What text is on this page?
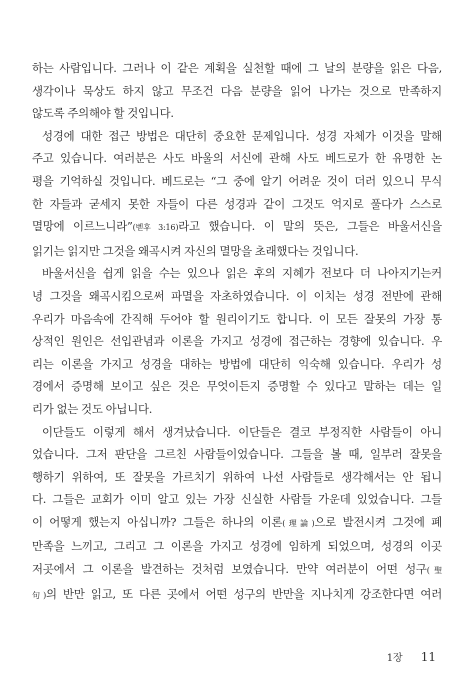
하는 사람입니다. 그러나 이 같은 계획을 실천할 때에 그 날의 분량을 읽은 다음,
생각이나 묵상도 하지 않고 무조건 다음 분량을 읽어 나가는 것으로 만족하지
않도록 주의해야 할 것입니다.
성경에 대한 접근 방법은 대단히 중요한 문제입니다. 성경 자체가 이것을 말해
주고 있습니다. 여러분은 사도 바울의 서신에 관해 사도 베드로가 한 유명한 논
평을 기억하실 것입니다. 베드로는 “그 중에 알기 어려운 것이 더러 있으니 무식
한 자들과 굳세지 못한 자들이 다른 성경과 같이 그것도 억지로 풀다가 스스로
멸망에 이르느니라”(벧후 3:16)라고 했습니다. 이 말의 뜻은, 그들은 바울서신을
읽기는 읽지만 그것을 왜곡시켜 자신의 멸망을 초래했다는 것입니다.
바울서신을 쉽게 읽을 수는 있으나 읽은 후의 지혜가 전보다 더 나아지기는커
녕 그것을 왜곡시킴으로써 파멸을 자초하였습니다. 이 이치는 성경 전반에 관해
우리가 마음속에 간직해 두어야 할 원리이기도 합니다. 이 모든 잘못의 가장 통
상적인 원인은 선입관념과 이론을 가지고 성경에 접근하는 경향에 있습니다. 우
리는 이론을 가지고 성경을 대하는 방법에 대단히 익숙해 있습니다. 우리가 성
경에서 증명해 보이고 싶은 것은 무엇이든지 증명할 수 있다고 말하는 데는 일
리가 없는 것도 아닙니다.
이단들도 이렇게 해서 생겨났습니다. 이단들은 결코 부정직한 사람들이 아니
었습니다. 그저 판단을 그르친 사람들이었습니다. 그들을 볼 때, 일부러 잘못을
행하기 위하여, 또 잘못을 가르치기 위하여 나선 사람들로 생각해서는 안 됩니
다. 그들은 교회가 이미 알고 있는 가장 신실한 사람들 가운데 있었습니다. 그들
이 어떻게 했는지 아십니까? 그들은 하나의 이론(理論)으로 발전시켜 그것에 폐
만족을 느끼고, 그리고 그 이론을 가지고 성경에 임하게 되었으며, 성경의 이곳
저곳에서 그 이론을 발견하는 것처럼 보였습니다. 만약 여러분이 어떤 성구(聖
句)의 반만 읽고, 또 다른 곳에서 어떤 성구의 반만을 지나치게 강조한다면 여러
1장 11
